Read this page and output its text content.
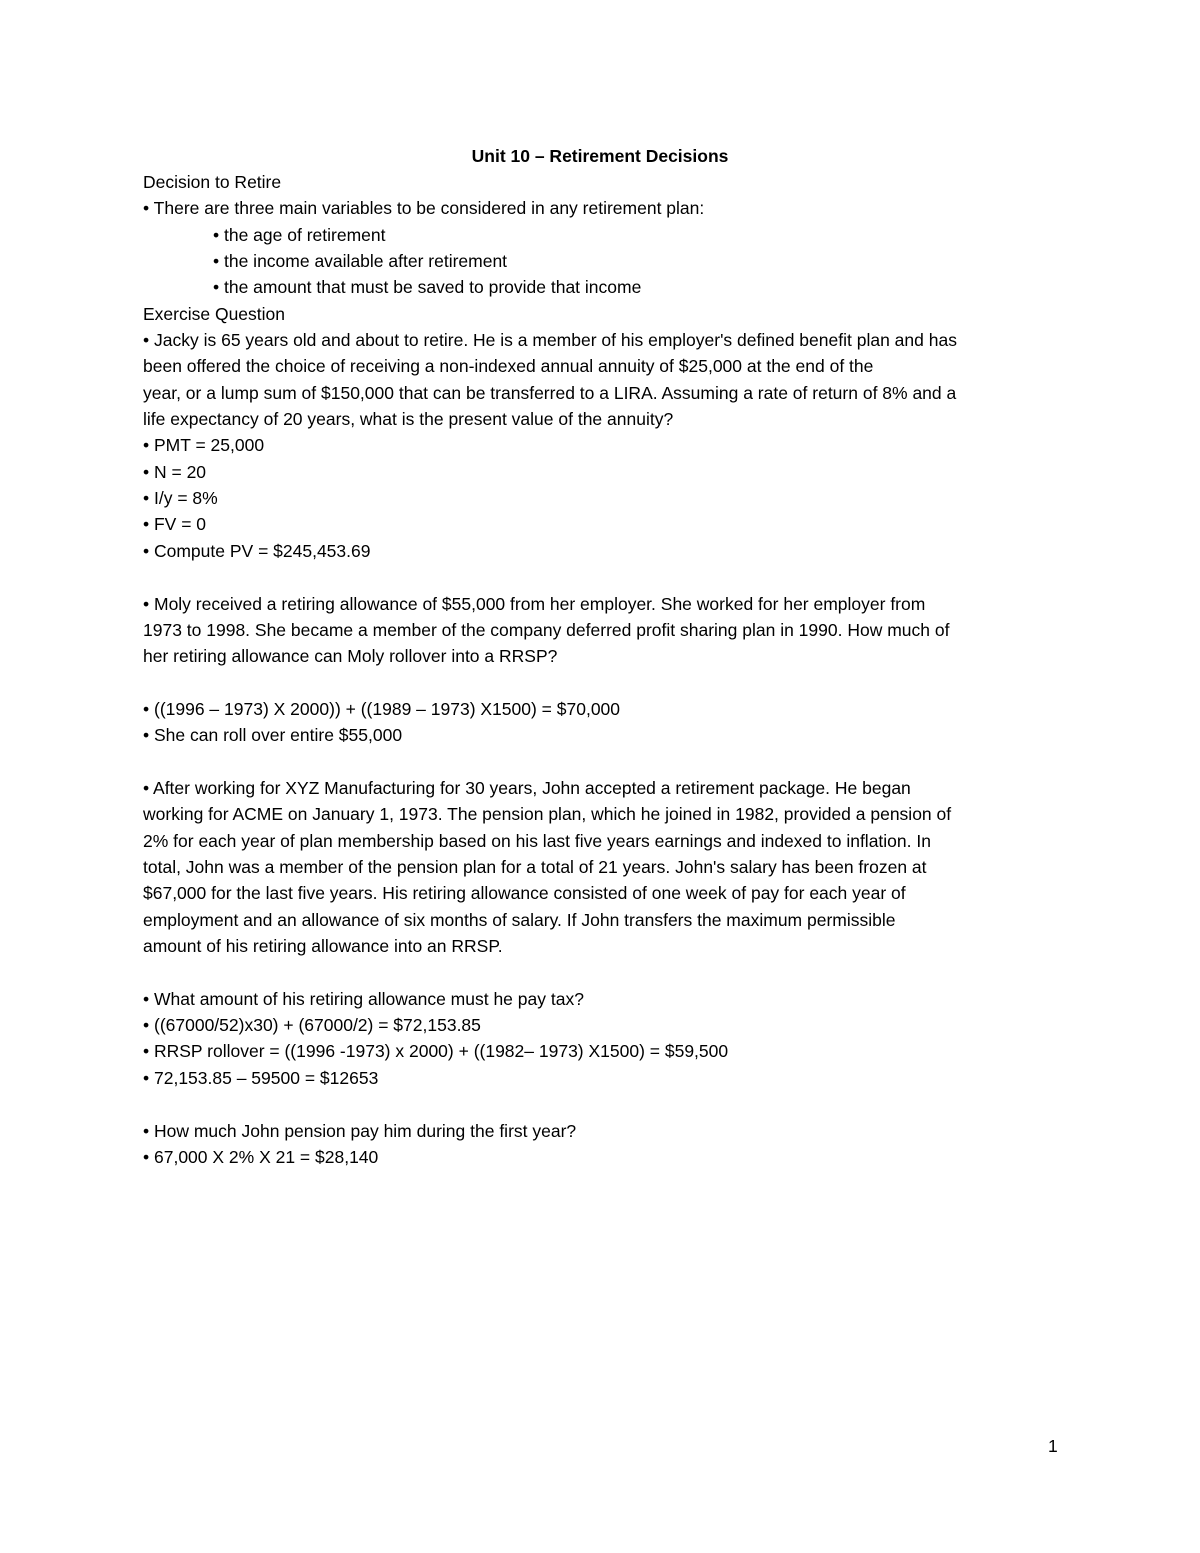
Unit 10 – Retirement Decisions
Decision to Retire
• There are three main variables to be considered in any retirement plan:
• the age of retirement
• the income available after retirement
• the amount that must be saved to provide that income
Exercise Question
• Jacky is 65 years old and about to retire. He is a member of his employer's defined benefit plan and has
been offered the choice of receiving a non-indexed annual annuity of $25,000 at the end of the
year, or a lump sum of $150,000 that can be transferred to a LIRA. Assuming a rate of return of 8% and a
life expectancy of 20 years, what is the present value of the annuity?
• PMT = 25,000
• N = 20
• I/y = 8%
• FV = 0
• Compute PV = $245,453.69
• Moly received a retiring allowance of $55,000 from her employer. She worked for her employer from
1973 to 1998. She became a member of the company deferred profit sharing plan in 1990. How much of
her retiring allowance can Moly rollover into a RRSP?
• ((1996 – 1973) X 2000)) + ((1989 – 1973) X1500) = $70,000
• She can roll over entire $55,000
• After working for XYZ Manufacturing for 30 years, John accepted a retirement package. He began
working for ACME on January 1, 1973. The pension plan, which he joined in 1982, provided a pension of
2% for each year of plan membership based on his last five years earnings and indexed to inflation. In
total, John was a member of the pension plan for a total of 21 years. John's salary has been frozen at
$67,000 for the last five years. His retiring allowance consisted of one week of pay for each year of
employment and an allowance of six months of salary. If John transfers the maximum permissible
amount of his retiring allowance into an RRSP.
• What amount of his retiring allowance must he pay tax?
• ((67000/52)x30) + (67000/2) = $72,153.85
• RRSP rollover = ((1996 -1973) x 2000) + ((1982– 1973) X1500) = $59,500
• 72,153.85 – 59500 = $12653
• How much John pension pay him during the first year?
• 67,000 X 2% X 21 = $28,140
1
